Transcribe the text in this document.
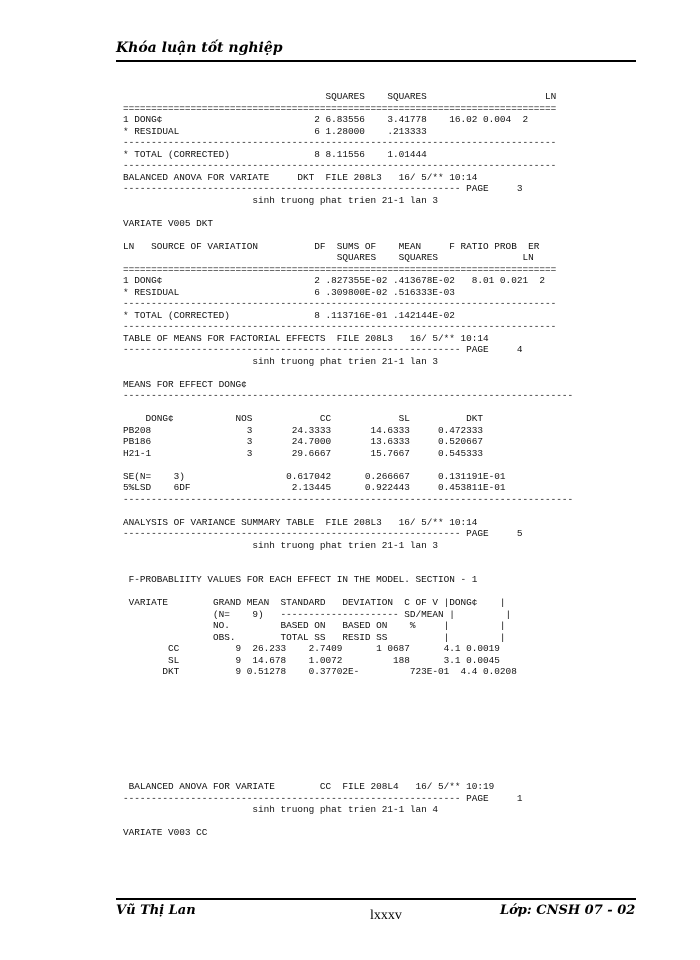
Khóa luận tốt nghiệp
SQUARES    SQUARES                     LN
=============================================================================
1 DONG¢                           2 6.83556    3.41778    16.02 0.004  2
* RESIDUAL                        6 1.28000    .213333
-----------------------------------------------------------------------------
* TOTAL (CORRECTED)               8 8.11556    1.01444
-----------------------------------------------------------------------------
BALANCED ANOVA FOR VARIATE     DKT  FILE 208L3   16/ 5/** 10:14
------------------------------------------------------------ PAGE     3
sinh truong phat trien 21-1 lan 3
VARIATE V005 DKT
LN   SOURCE OF VARIATION          DF  SUMS OF    MEAN     F RATIO PROB  ER
SQUARES    SQUARES               LN
=============================================================================
1 DONG¢                           2 .827355E-02 .413678E-02   8.01 0.021  2
* RESIDUAL                        6 .309800E-02 .516333E-03
-----------------------------------------------------------------------------
* TOTAL (CORRECTED)               8 .113716E-01 .142144E-02
-----------------------------------------------------------------------------
TABLE OF MEANS FOR FACTORIAL EFFECTS  FILE 208L3   16/ 5/** 10:14
------------------------------------------------------------ PAGE     4
sinh truong phat trien 21-1 lan 3
MEANS FOR EFFECT DONG¢
--------------------------------------------------------------------------------
DONG¢           NOS            CC            SL          DKT
PB208                 3       24.3333       14.6333     0.472333
PB186                 3       24.7000       13.6333     0.520667
H21-1                 3       29.6667       15.7667     0.545333
SE(N=    3)                  0.617042      0.266667     0.131191E-01
5%LSD    6DF                  2.13445      0.922443     0.453811E-01
--------------------------------------------------------------------------------
ANALYSIS OF VARIANCE SUMMARY TABLE  FILE 208L3   16/ 5/** 10:14
------------------------------------------------------------ PAGE     5
sinh truong phat trien 21-1 lan 3
F-PROBABLIITY VALUES FOR EACH EFFECT IN THE MODEL. SECTION - 1
VARIATE        GRAND MEAN  STANDARD   DEVIATION  C OF V |DONG¢    |
(N=    9)   --------------------- SD/MEAN |         |
NO.         BASED ON   BASED ON    %     |         |
OBS.        TOTAL SS   RESID SS          |         |
CC          9  26.233    2.7409      1 0687      4.1 0.0019
SL          9  14.678    1.0072         188      3.1 0.0045
DKT          9 0.51278    0.37702E-         723E-01  4.4 0.0208
BALANCED ANOVA FOR VARIATE        CC  FILE 208L4   16/ 5/** 10:19
------------------------------------------------------------ PAGE     1
sinh truong phat trien 21-1 lan 4
VARIATE V003 CC
Vũ Thị Lan	lxxxv	Lớp: CNSH 07 - 02
